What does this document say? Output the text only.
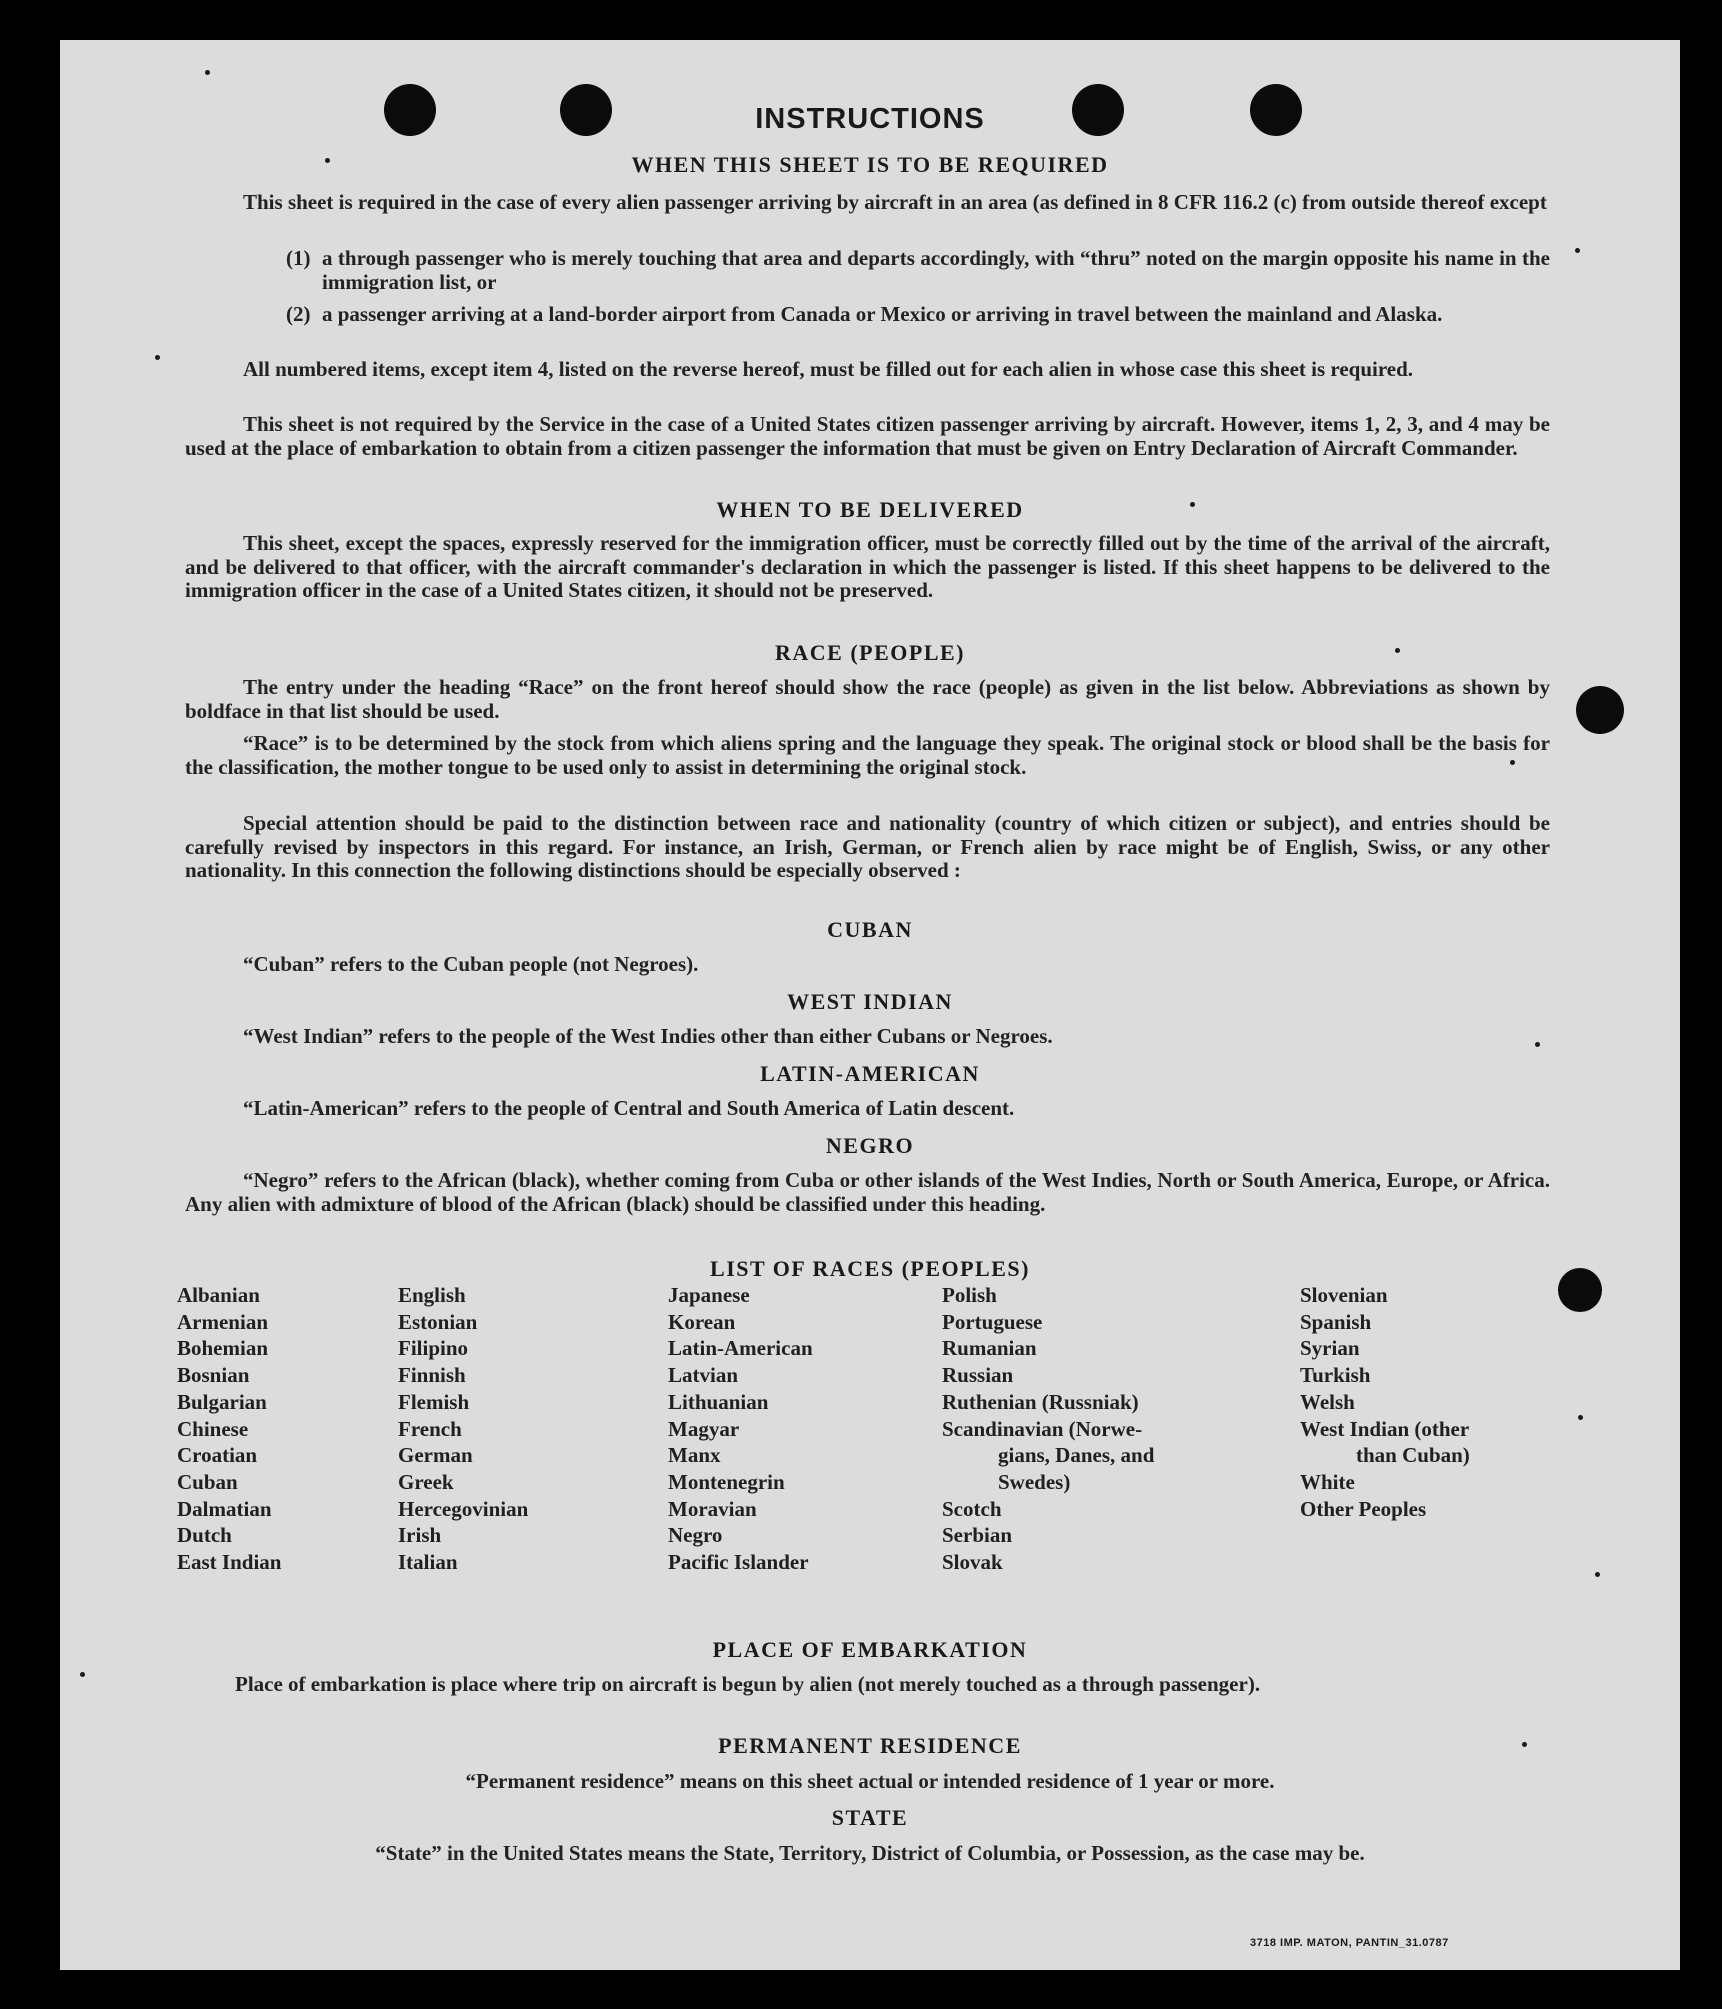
INSTRUCTIONS
WHEN THIS SHEET IS TO BE REQUIRED
This sheet is required in the case of every alien passenger arriving by aircraft in an area (as defined in 8 CFR 116.2 (c) from outside thereof except
(1) a through passenger who is merely touching that area and departs accordingly, with “thru” noted on the margin opposite his name in the immigration list, or
(2) a passenger arriving at a land-border airport from Canada or Mexico or arriving in travel between the mainland and Alaska.
All numbered items, except item 4, listed on the reverse hereof, must be filled out for each alien in whose case this sheet is required.
This sheet is not required by the Service in the case of a United States citizen passenger arriving by aircraft. However, items 1, 2, 3, and 4 may be used at the place of embarkation to obtain from a citizen passenger the information that must be given on Entry Declaration of Aircraft Commander.
WHEN TO BE DELIVERED
This sheet, except the spaces, expressly reserved for the immigration officer, must be correctly filled out by the time of the arrival of the aircraft, and be delivered to that officer, with the aircraft commander's declaration in which the passenger is listed. If this sheet happens to be delivered to the immigration officer in the case of a United States citizen, it should not be preserved.
RACE (PEOPLE)
The entry under the heading “Race” on the front hereof should show the race (people) as given in the list below. Abbreviations as shown by boldface in that list should be used.
“Race” is to be determined by the stock from which aliens spring and the language they speak. The original stock or blood shall be the basis for the classification, the mother tongue to be used only to assist in determining the original stock.
Special attention should be paid to the distinction between race and nationality (country of which citizen or subject), and entries should be carefully revised by inspectors in this regard. For instance, an Irish, German, or French alien by race might be of English, Swiss, or any other nationality. In this connection the following distinctions should be especially observed :
CUBAN
“Cuban” refers to the Cuban people (not Negroes).
WEST INDIAN
“West Indian” refers to the people of the West Indies other than either Cubans or Negroes.
LATIN-AMERICAN
“Latin-American” refers to the people of Central and South America of Latin descent.
NEGRO
“Negro” refers to the African (black), whether coming from Cuba or other islands of the West Indies, North or South America, Europe, or Africa. Any alien with admixture of blood of the African (black) should be classified under this heading.
LIST OF RACES (PEOPLES)
Albanian
Armenian
Bohemian
Bosnian
Bulgarian
Chinese
Croatian
Cuban
Dalmatian
Dutch
East Indian
English
Estonian
Filipino
Finnish
Flemish
French
German
Greek
Hercegovinian
Irish
Italian
Japanese
Korean
Latin-American
Latvian
Lithuanian
Magyar
Manx
Montenegrin
Moravian
Negro
Pacific Islander
Polish
Portuguese
Rumanian
Russian
Ruthenian (Russniak)
Scandinavian (Norwe-
gians, Danes, and
Swedes)
Scotch
Serbian
Slovak
Slovenian
Spanish
Syrian
Turkish
Welsh
West Indian (other
than Cuban)
White
Other Peoples
PLACE OF EMBARKATION
Place of embarkation is place where trip on aircraft is begun by alien (not merely touched as a through passenger).
PERMANENT RESIDENCE
“Permanent residence” means on this sheet actual or intended residence of 1 year or more.
STATE
“State” in the United States means the State, Territory, District of Columbia, or Possession, as the case may be.
3718 IMP. MATON, PANTIN_31.0787
